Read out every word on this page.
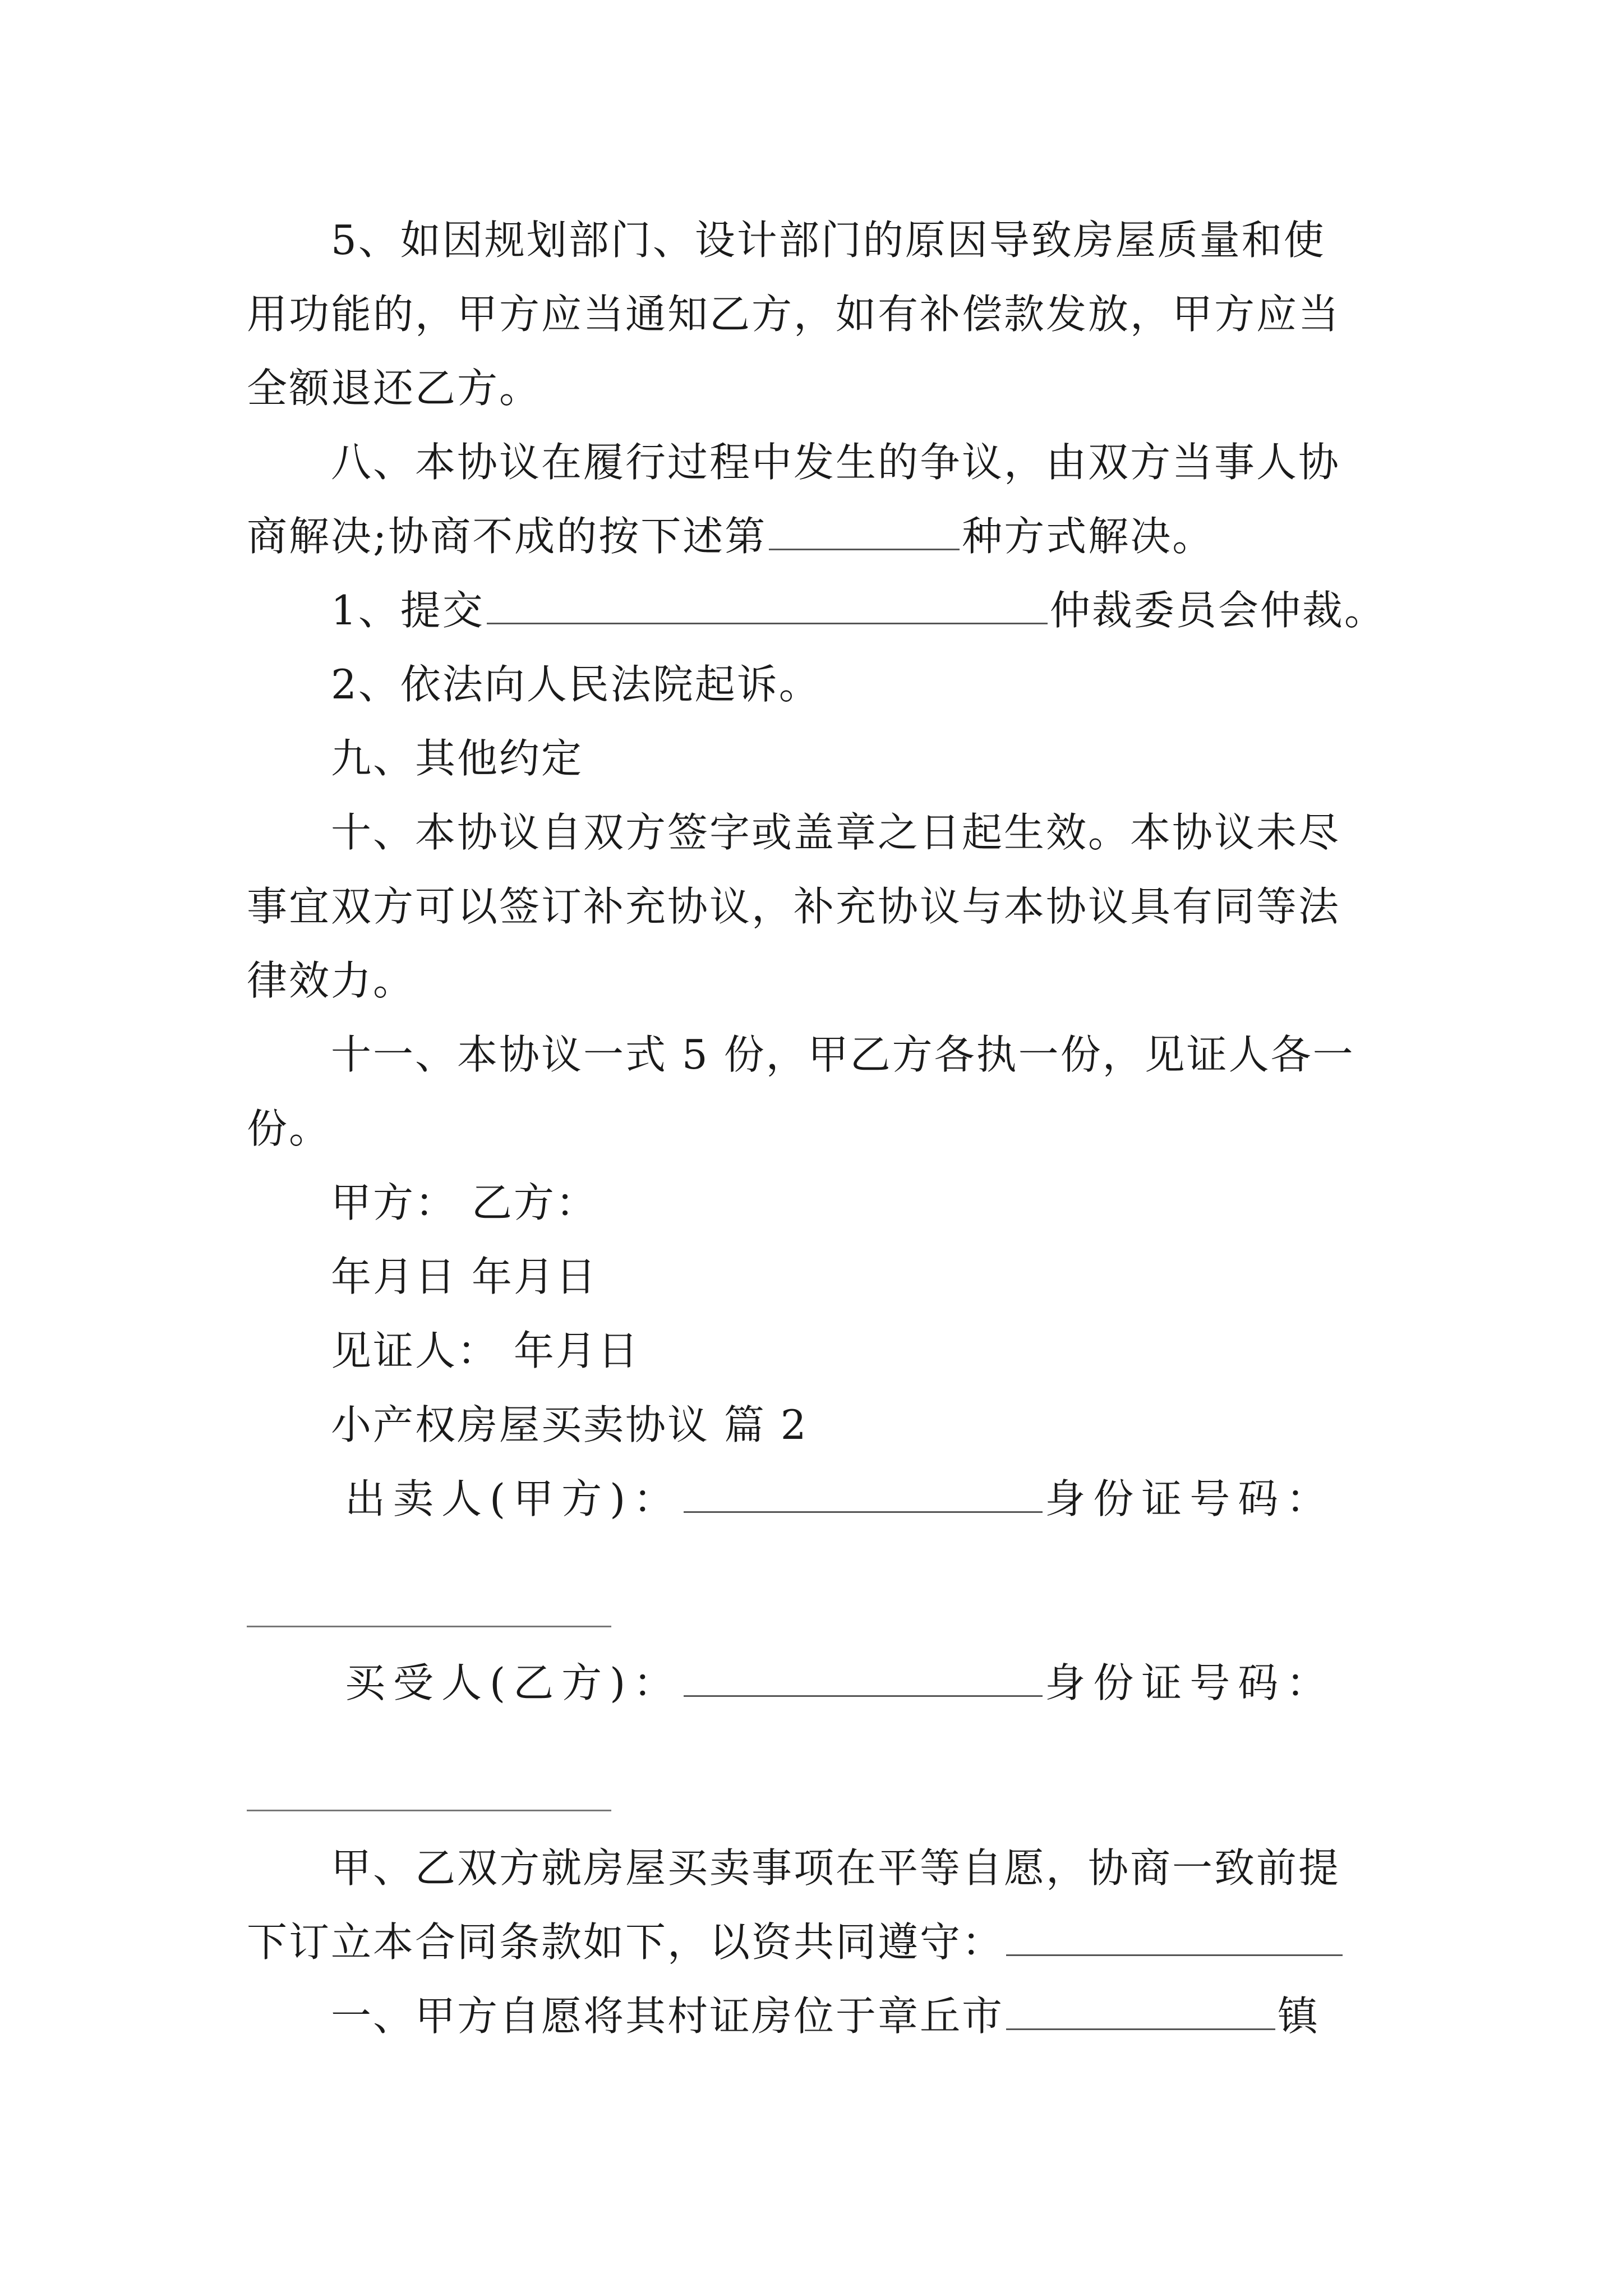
5、如因规划部门、设计部门的原因导致房屋质量和使
用功能的，甲方应当通知乙方，如有补偿款发放，甲方应当
全额退还乙方。
八、本协议在履行过程中发生的争议，由双方当事人协
商解决;协商不成的按下述第	种方式解决。
1、提交	仲裁委员会仲裁。
2、依法向人民法院起诉。
九、其他约定
十、本协议自双方签字或盖章之日起生效。本协议未尽
事宜双方可以签订补充协议，补充协议与本协议具有同等法
律效力。
十一、本协议一式 5 份，甲乙方各执一份，见证人各一
份。
甲方： 乙方：
年月日 年月日
见证人： 年月日
小产权房屋买卖协议 篇 2
出卖人(甲方)：	身份证号码：
买受人(乙方)：	身份证号码：
甲、乙双方就房屋买卖事项在平等自愿，协商一致前提
下订立本合同条款如下，以资共同遵守：
一、甲方自愿将其村证房位于章丘市	镇
